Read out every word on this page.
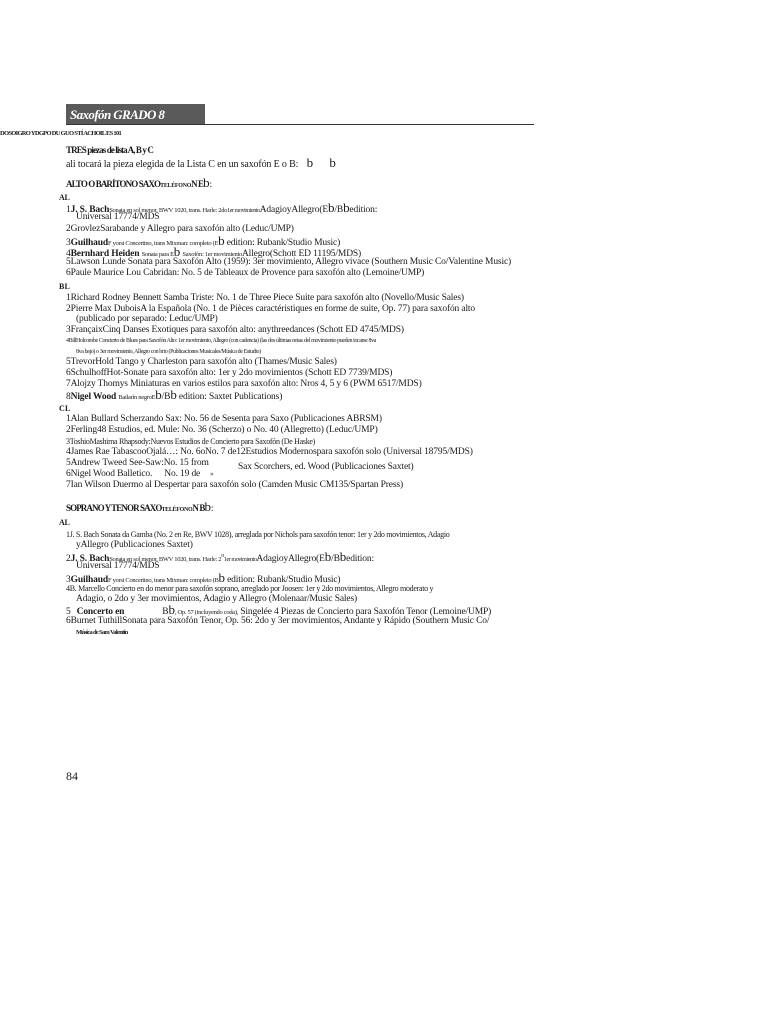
Saxofón GRADO 8
DOSOIGRO YDGPO DU GUO STÍ ACHOIL ES 101
TRES piezas de lista A, B y C
ali tocará la pieza elegida de la Lista C en un saxofón E o B: b b
ALTO O BARÍTONO SAXOTELÉFONON Eb:
A L
1J. S. BachSonata en sol menor, BWV 1020, trans. Harle: 2do1er movimientoAdagioyAllegro(Eb/Bbedition:
Universal 17774/MDS
2GrovlezSarabande y Allegro para saxofón alto (Leduc/UMP)
3GuilhaudF yorst Concertino, trans Mixman: completo (Eb edition: Rubank/Studio Music)
4Bernhard Heiden Sonata para Eb Saxofón: 1er movimientoAllegro(Schott ED 11195/MDS)
5Lawson Lunde Sonata para Saxofón Alto (1959): 3er movimiento, Allegro vivace (Southern Music Co/Valentine Music)
6Paule Maurice Lou Cabridan: No. 5 de Tableaux de Provence para saxofón alto (Lemoine/UMP)
B L
1Richard Rodney Bennett Samba Triste: No. 1 de Three Piece Suite para saxofón alto (Novello/Music Sales)
2Pierre Max DuboisA la Española (No. 1 de Pièces caractéristiques en forme de suite, Op. 77) para saxofón alto
(publicado por separado: Leduc/UMP)
3FrançaixCinq Danses Exotiques para saxofón alto: anythreedances (Schott ED 4745/MDS)
4BillHolcombe Concierto de Blues para Saxofón Alto: 1er movimiento, Allegro (con cadencia) (las dos últimas notas del movimiento pueden tocarse 8va
8va bajo) o 3er movimiento, Allegro con brio (Publicaciones Musicales/Música de Estudio)
5TrevorHold Tango y Charleston para saxofón alto (Thames/Music Sales)
6SchulhoffHot-Sonate para saxofón alto: 1er y 2do movimientos (Schott ED 7739/MDS)
7Alojzy Thomys Miniaturas en varios estilos para saxofón alto: Nros 4, 5 y 6 (PWM 6517/MDS)
8Nigel Wood Bailarín negroEb/Bb edition: Saxtet Publications)
C L
1Alan Bullard Scherzando Sax: No. 56 de Sesenta para Saxo (Publicaciones ABRSM)
2Ferling48 Estudios, ed. Mule: No. 36 (Scherzo) o No. 40 (Allegretto) (Leduc/UMP)
3ToshioMashima Rhapsody:Nuevos Estudios de Concierto para Saxofón (De Haske)
4James Rae TabascooOjalá…: No. 6oNo. 7 de12Estudios Modernospara saxofón solo (Universal 18795/MDS)
5Andrew Tweed See-Saw:No. 15 from	Sax Scorchers, ed. Wood (Publicaciones Saxtet)
6Nigel Wood Balletico. No. 19 de »
7Ian Wilson Duermo al Despertar para saxofón solo (Camden Music CM135/Spartan Press)
SOPRANO Y TENOR SAXOTELÉFONON Bb:
A L
1J. S. Bach Sonata da Gamba (No. 2 en Re, BWV 1028), arreglada por Nichols para saxofón tenor: 1er y 2do movimientos, Adagio
yAllegro (Publicaciones Saxtet)
2J. S. BachSonata en sol menor, BWV 1020, trans. Harle: 2$^o$1er movimientoAdagioyAllegro(Eb/Bbedition:
Universal 17774/MDS
3GuilhaudF yorst Concertino, trans Mixman: completo (Bb edition: Rubank/Studio Music)
4B. Marcello Concierto en do menor para saxofón soprano, arreglado por Joosen: 1er y 2do movimientos, Allegro moderato y
Adagio, o 2do y 3er movimientos, Adagio y Allegro (Molenaar/Music Sales)
5 Concerto en	Bb, Op. 57 (incluyendo coda), Singelée 4 Piezas de Concierto para Saxofón Tenor (Lemoine/UMP)
6Burnet TuthillSonata para Saxofón Tenor, Op. 56: 2do y 3er movimientos, Andante y Rápido (Southern Music Co/
Música de Sam Valentín
84
